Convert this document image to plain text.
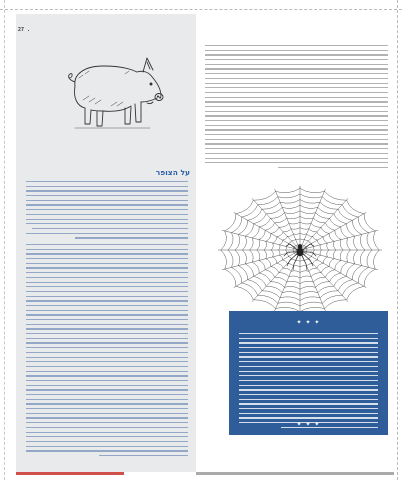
27 .
על הצופר
✦ ✦ ✦
✦ ✦ ✦
